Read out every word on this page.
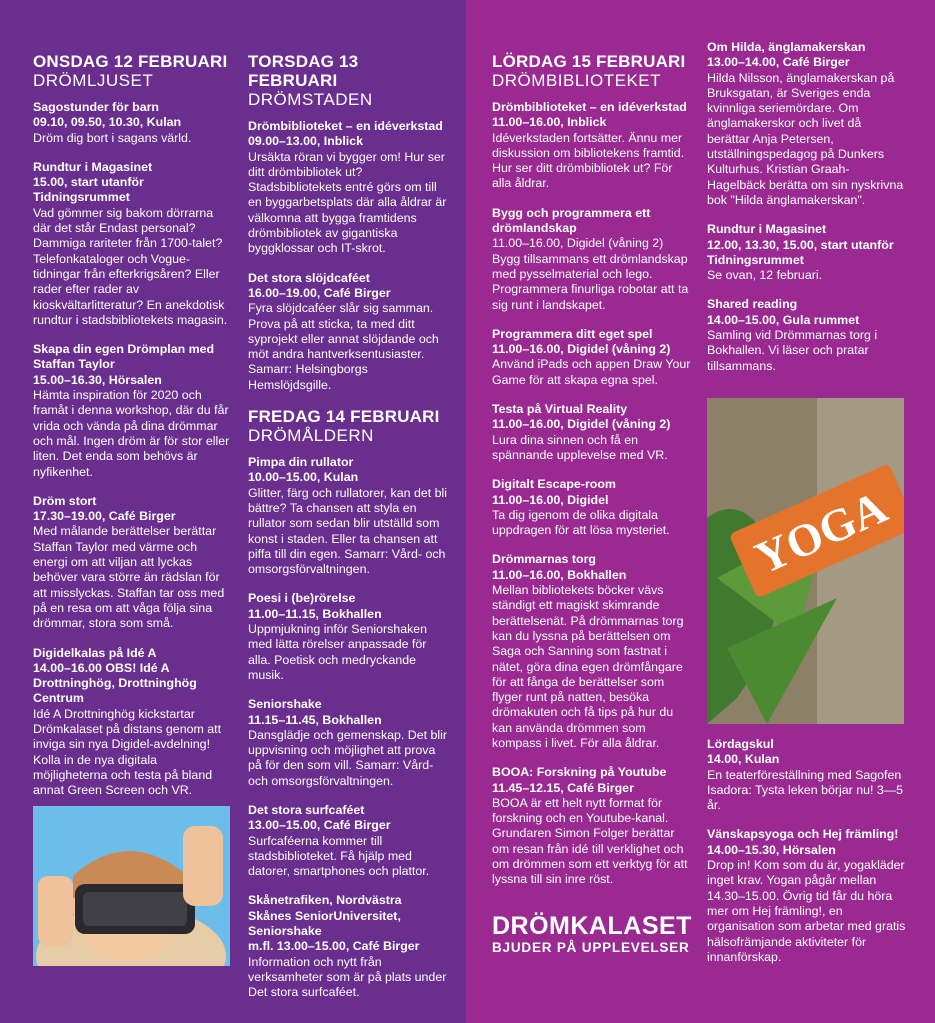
ONSDAG 12 FEBRUARI
DRÖMLJUSET
Sagostunder för barn
09.10, 09.50, 10.30, Kulan
Dröm dig bort i sagans värld.
Rundtur i Magasinet
15.00, start utanför Tidningsrummet
Vad gömmer sig bakom dörrarna där det står Endast personal? Dammiga rariteter från 1700-talet? Telefonkataloger och Vogue-tidningar från efterkrigsåren? Eller rader efter rader av kioskvältarlitteratur? En anekdotisk rundtur i stadsbibliotekets magasin.
Skapa din egen Drömplan med Staffan Taylor
15.00–16.30, Hörsalen
Hämta inspiration för 2020 och framåt i denna workshop, där du får vrida och vända på dina drömmar och mål. Ingen dröm är för stor eller liten. Det enda som behövs är nyfikenhet.
Dröm stort
17.30–19.00, Café Birger
Med målande berättelser berättar Staffan Taylor med värme och energi om att viljan att lyckas behöver vara större än rädslan för att misslyckas. Staffan tar oss med på en resa om att våga följa sina drömmar, stora som små.
Digidelkalas på Idé A
14.00–16.00 OBS! Idé A Drottninghög, Drottninghög Centrum
Idé A Drottninghög kickstartar Drömkalaset på distans genom att inviga sin nya Digidel-avdelning! Kolla in de nya digitala möjligheterna och testa på bland annat Green Screen och VR.
TORSDAG 13 FEBRUARI
DRÖMSTADEN
Drömbiblioteket – en idéverkstad
09.00–13.00, Inblick
Ursäkta röran vi bygger om! Hur ser ditt drömbibliotek ut? Stadsbibliotekets entré görs om till en byggarbetsplats där alla åldrar är välkomna att bygga framtidens drömbibliotek av gigantiska byggklossar och IT-skrot.
Det stora slöjdcaféet
16.00–19.00, Café Birger
Fyra slöjdcaféer slår sig samman. Prova på att sticka, ta med ditt syprojekt eller annat slöjdande och möt andra hantverksentusiaster. Samarr: Helsingborgs Hemslöjdsgille.
FREDAG 14 FEBRUARI
DRÖMÅLDERN
Pimpa din rullator
10.00–15.00, Kulan
Glitter, färg och rullatorer, kan det bli bättre? Ta chansen att styla en rullator som sedan blir utställd som konst i staden. Eller ta chansen att piffa till din egen. Samarr: Vård- och omsorgsförvaltningen.
Poesi i (be)rörelse
11.00–11.15, Bokhallen
Uppmjukning inför Seniorshaken med lätta rörelser anpassade för alla. Poetisk och medryckande musik.
Seniorshake
11.15–11.45, Bokhallen
Dansglädje och gemenskap. Det blir uppvisning och möjlighet att prova på för den som vill. Samarr: Vård- och omsorgsförvaltningen.
Det stora surfcaféet
13.00–15.00, Café Birger
Surfcaféerna kommer till stadsbiblioteket. Få hjälp med datorer, smartphones och plattor.
Skånetrafiken, Nordvästra Skånes SeniorUniversitet, Seniorshake
m.fl. 13.00–15.00, Café Birger
Information och nytt från verksamheter som är på plats under Det stora surfcaféet.
LÖRDAG 15 FEBRUARI
DRÖMBIBLIOTEKET
Drömbiblioteket – en idéverkstad
11.00–16.00, Inblick
Idéverkstaden fortsätter. Ännu mer diskussion om bibliotekens framtid. Hur ser ditt drömbibliotek ut? För alla åldrar.
Bygg och programmera ett drömlandskap
11.00–16.00, Digidel (våning 2) Bygg tillsammans ett drömlandskap med pysselmaterial och lego. Programmera finurliga robotar att ta sig runt i landskapet.
Programmera ditt eget spel
11.00–16.00, Digidel (våning 2)
Använd iPads och appen Draw Your Game för att skapa egna spel.
Testa på Virtual Reality
11.00–16.00, Digidel (våning 2)
Lura dina sinnen och få en spännande upplevelse med VR.
Digitalt Escape-room
11.00–16.00, Digidel
Ta dig igenom de olika digitala uppdragen för att lösa mysteriet.
Drömmarnas torg
11.00–16.00, Bokhallen
Mellan bibliotekets böcker vävs ständigt ett magiskt skimrande berättelsenät. På drömmarnas torg kan du lyssna på berättelsen om Saga och Sanning som fastnat i nätet, göra dina egen drömfångare för att fånga de berättelser som flyger runt på natten, besöka drömakuten och få tips på hur du kan använda drömmen som kompass i livet. För alla åldrar.
BOOA: Forskning på Youtube
11.45–12.15, Café Birger
BOOA är ett helt nytt format för forskning och en Youtube-kanal. Grundaren Simon Folger berättar om resan från idé till verklighet och om drömmen som ett verktyg för att lyssna till sin inre röst.
Om Hilda, änglamakerskan
13.00–14.00, Café Birger
Hilda Nilsson, änglamakerskan på Bruksgatan, är Sveriges enda kvinnliga seriemördare. Om änglamakerskor och livet då berättar Anja Petersen, utställningspedagog på Dunkers Kulturhus. Kristian Graah-Hagelbäck berätta om sin nyskrivna bok "Hilda änglamakerskan".
Rundtur i Magasinet
12.00, 13.30, 15.00, start utanför Tidningsrummet
Se ovan, 12 februari.
Shared reading
14.00–15.00, Gula rummet
Samling vid Drömmarnas torg i Bokhallen. Vi läser och pratar tillsammans.
Lördagskul
14.00, Kulan
En teaterföreställning med Sagofen Isadora: Tysta leken börjar nu! 3—5 år.
Vänskapsyoga och Hej främling!
14.00–15.30, Hörsalen
Drop in! Kom som du är, yogakläder inget krav. Yogan pågår mellan 14.30–15.00. Övrig tid får du höra mer om Hej främling!, en organisation som arbetar med gratis hälsofrämjande aktiviteter för innanförskap.
YOGA
DRÖMKALASET
BJUDER PÅ UPPLEVELSER
